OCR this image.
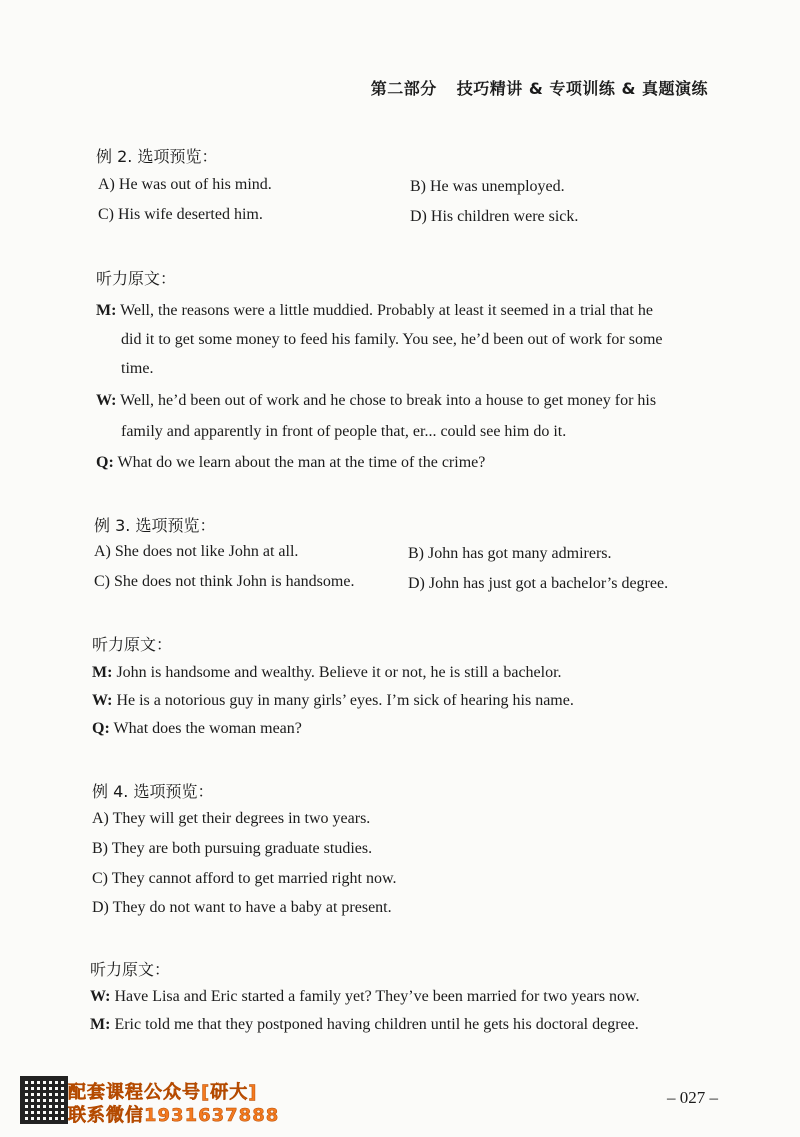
第二部分 技巧精讲 & 专项训练 & 真题演练
例 2. 选项预览：
A) He was out of his mind.	B) He was unemployed.
C) His wife deserted him.	D) His children were sick.
听力原文：
M: Well, the reasons were a little muddied. Probably at least it seemed in a trial that he
did it to get some money to feed his family. You see, he’d been out of work for some
time.
W: Well, he’d been out of work and he chose to break into a house to get money for his
family and apparently in front of people that, er... could see him do it.
Q: What do we learn about the man at the time of the crime?
例 3. 选项预览：
A) She does not like John at all.	B) John has got many admirers.
C) She does not think John is handsome.	D) John has just got a bachelor’s degree.
听力原文：
M: John is handsome and wealthy. Believe it or not, he is still a bachelor.
W: He is a notorious guy in many girls’ eyes. I’m sick of hearing his name.
Q: What does the woman mean?
例 4. 选项预览：
A) They will get their degrees in two years.
B) They are both pursuing graduate studies.
C) They cannot afford to get married right now.
D) They do not want to have a baby at present.
听力原文：
W: Have Lisa and Eric started a family yet? They’ve been married for two years now.
M: Eric told me that they postponed having children until he gets his doctoral degree.
配套课程公众号[研大]
联系微信1931637888
– 027 –
